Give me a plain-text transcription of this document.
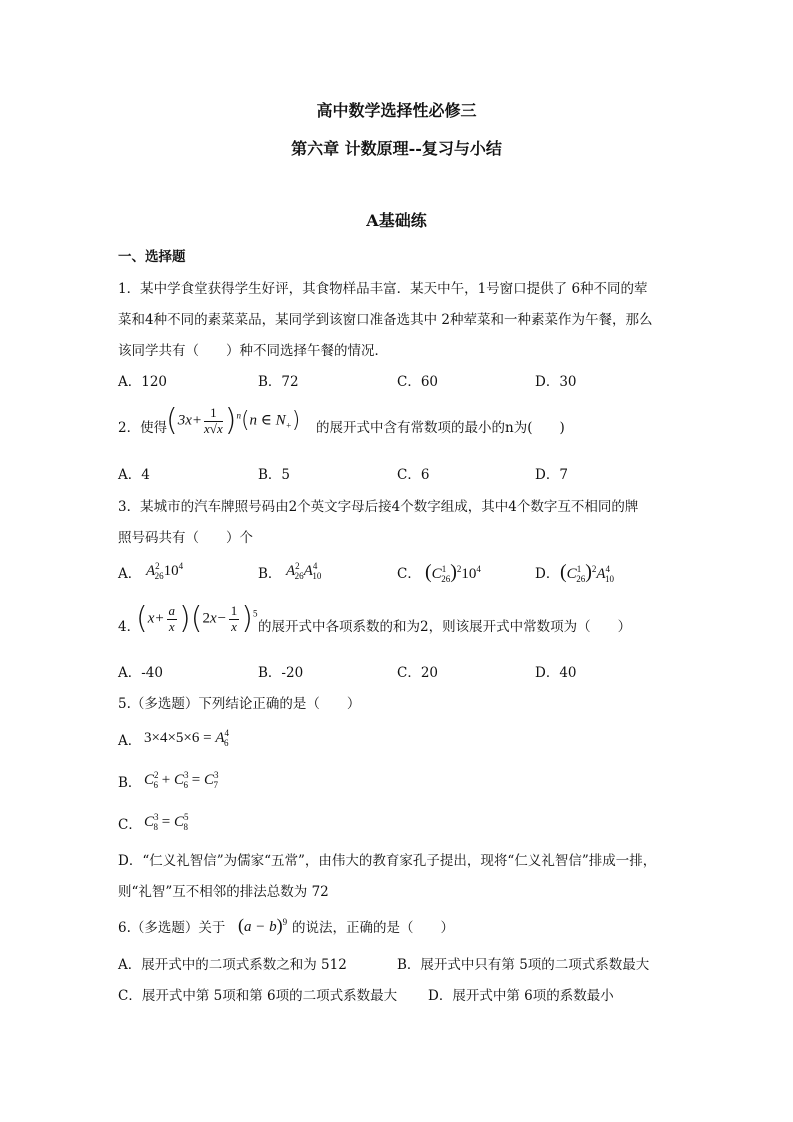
高中数学选择性必修三
第六章 计数原理--复习与小结
A基础练
一、选择题
1．某中学食堂获得学生好评，其食物样品丰富．某天中午，1号窗口提供了 6种不同的荤
菜和4种不同的素菜菜品，某同学到该窗口准备选其中 2种荤菜和一种素菜作为午餐，那么
该同学共有（　　）种不同选择午餐的情况．
A．120	B．72	C．60	D．30
2．使得
$(3x+ \frac{1}{x√x} )^n(n$ ∈ $N_+$) 的展开式中含有常数项的最小的n为(　　)
A．4	B．5	C．6	D．7
3．某城市的汽车牌照号码由2个英文字母后接4个数字组成，其中4个数字互不相同的牌
照号码共有（　　）个
A． $A^2_{26}10^4$	B． $A^2_{26}A^4_{10}$	C． $(C^1_{26})^210^4$	D． $(C^1_{26})^2A^4_{10}$
4．
$(x+ \frac{a}{x} )(2x- \frac{1}{x} )^5$
的展开式中各项系数的和为2，则该展开式中常数项为（　　）
A．-40	B．-20	C．20	D．40
5.（多选题）下列结论正确的是（　　）
A． $3\times 4\times 5\times 6 = A^4_6$
B． $C^2_6 + C^3_6 = C^3_7$
C． $C^3_8 = C^5_8$
D．“仁义礼智信”为儒家“五常”，由伟大的教育家孔子提出，现将“仁义礼智信”排成一排，
则“礼智”互不相邻的排法总数为 72
6.（多选题）关于 $(a - b)^9$ 的说法，正确的是（　　）
A．展开式中的二项式系数之和为 512	B．展开式中只有第 5项的二项式系数最大
C．展开式中第 5项和第 6项的二项式系数最大 D．展开式中第 6项的系数最小
